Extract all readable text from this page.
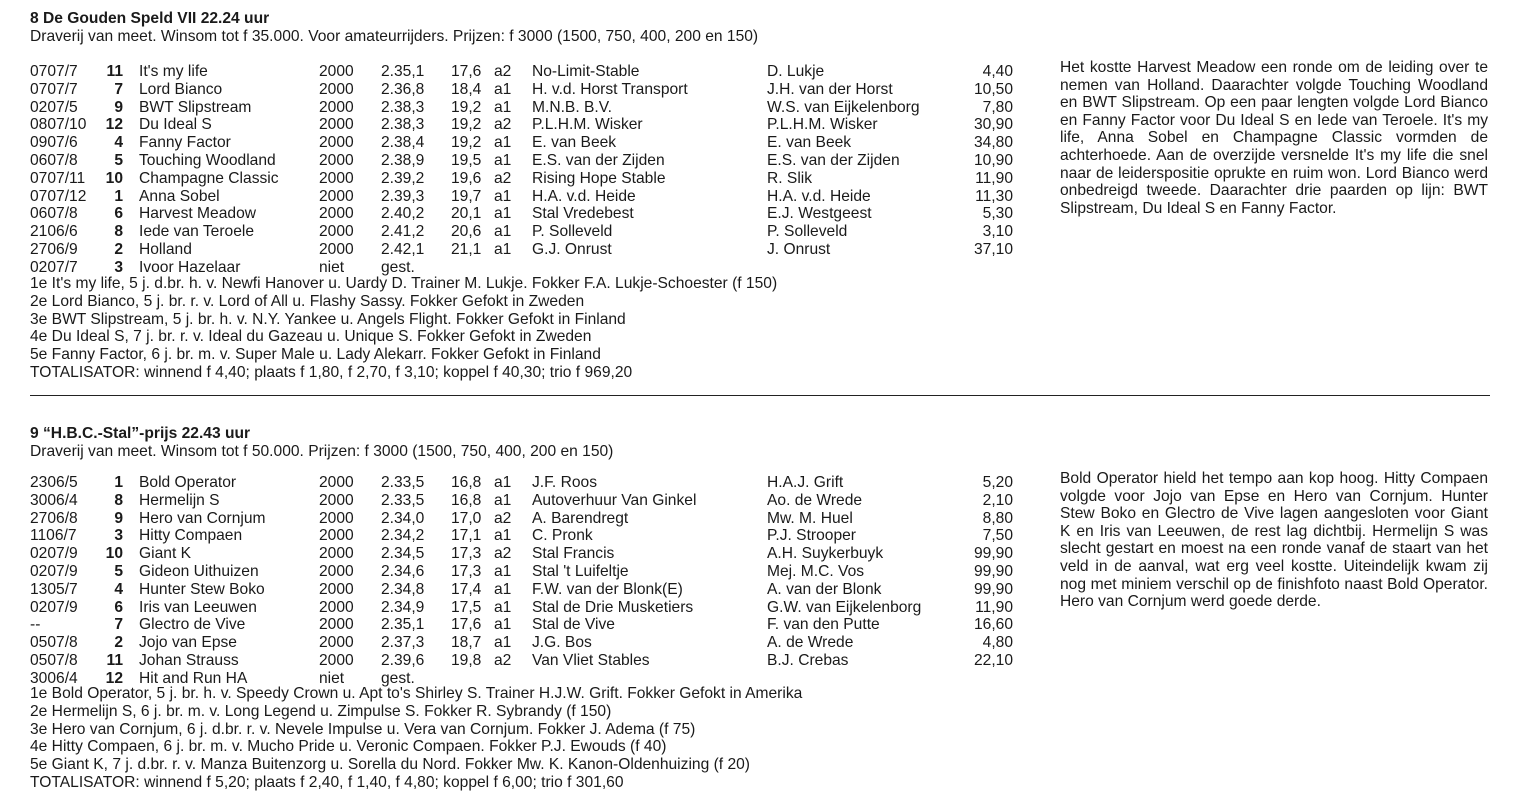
8 De Gouden Speld VII 22.24 uur
Draverij van meet. Winsom tot f 35.000. Voor amateurrijders. Prijzen: f 3000 (1500, 750, 400, 200 en 150)
Het kostte Harvest Meadow een ronde om de leiding over te nemen van Holland. Daarachter volgde Touching Woodland en BWT Slipstream. Op een paar lengten volgde Lord Bianco en Fanny Factor voor Du Ideal S en Iede van Teroele. It's my life, Anna Sobel en Champagne Classic vormden de achterhoede. Aan de overzijde versnelde It's my life die snel naar de leiderspositie oprukte en ruim won. Lord Bianco werd onbedreigd tweede. Daarachter drie paarden op lijn: BWT Slipstream, Du Ideal S en Fanny Factor.
0707/7	11 It's my life	2000 2.35,1 17,6 a2 No-Limit-Stable	D. Lukje	4,40
0707/7	7 Lord Bianco	2000 2.36,8 18,4 a1 H. v.d. Horst Transport	J.H. van der Horst	10,50
0207/5	9 BWT Slipstream	2000 2.38,3 19,2 a1 M.N.B. B.V.	W.S. van Eijkelenborg	7,80
0807/10	12 Du Ideal S	2000 2.38,3 19,2 a2 P.L.H.M. Wisker	P.L.H.M. Wisker	30,90
0907/6	4 Fanny Factor	2000 2.38,4 19,2 a1 E. van Beek	E. van Beek	34,80
0607/8	5 Touching Woodland	2000 2.38,9 19,5 a1 E.S. van der Zijden	E.S. van der Zijden	10,90
0707/11	10 Champagne Classic	2000 2.39,2 19,6 a2 Rising Hope Stable	R. Slik	11,90
0707/12	1 Anna Sobel	2000 2.39,3 19,7 a1 H.A. v.d. Heide	H.A. v.d. Heide	11,30
0607/8	6 Harvest Meadow	2000 2.40,2 20,1 a1 Stal Vredebest	E.J. Westgeest	5,30
2106/6	8 Iede van Teroele	2000 2.41,2 20,6 a1 P. Solleveld	P. Solleveld	3,10
2706/9	2 Holland	2000 2.42,1 21,1 a1 G.J. Onrust	J. Onrust	37,10
0207/7	3 Ivoor Hazelaar	niet gest.
1e It's my life, 5 j. d.br. h. v. Newfi Hanover u. Uardy D. Trainer M. Lukje. Fokker F.A. Lukje-Schoester (f 150)
2e Lord Bianco, 5 j. br. r. v. Lord of All u. Flashy Sassy. Fokker Gefokt in Zweden
3e BWT Slipstream, 5 j. br. h. v. N.Y. Yankee u. Angels Flight. Fokker Gefokt in Finland
4e Du Ideal S, 7 j. br. r. v. Ideal du Gazeau u. Unique S. Fokker Gefokt in Zweden
5e Fanny Factor, 6 j. br. m. v. Super Male u. Lady Alekarr. Fokker Gefokt in Finland
TOTALISATOR: winnend f 4,40; plaats f 1,80, f 2,70, f 3,10; koppel f 40,30; trio f 969,20
9 “H.B.C.-Stal”-prijs 22.43 uur
Draverij van meet. Winsom tot f 50.000. Prijzen: f 3000 (1500, 750, 400, 200 en 150)
Bold Operator hield het tempo aan kop hoog. Hitty Compaen volgde voor Jojo van Epse en Hero van Cornjum. Hunter Stew Boko en Glectro de Vive lagen aangesloten voor Giant K en Iris van Leeuwen, de rest lag dichtbij. Hermelijn S was slecht gestart en moest na een ronde vanaf de staart van het veld in de aanval, wat erg veel kostte. Uiteindelijk kwam zij nog met miniem verschil op de finishfoto naast Bold Operator. Hero van Cornjum werd goede derde.
2306/5	1 Bold Operator	2000 2.33,5 16,8 a1 J.F. Roos	H.A.J. Grift	5,20
3006/4	8 Hermelijn S	2000 2.33,5 16,8 a1 Autoverhuur Van Ginkel	Ao. de Wrede	2,10
2706/8	9 Hero van Cornjum	2000 2.34,0 17,0 a2 A. Barendregt	Mw. M. Huel	8,80
1106/7	3 Hitty Compaen	2000 2.34,2 17,1 a1 C. Pronk	P.J. Strooper	7,50
0207/9	10 Giant K	2000 2.34,5 17,3 a2 Stal Francis	A.H. Suykerbuyk	99,90
0207/9	5 Gideon Uithuizen	2000 2.34,6 17,3 a1 Stal 't Luifeltje	Mej. M.C. Vos	99,90
1305/7	4 Hunter Stew Boko	2000 2.34,8 17,4 a1 F.W. van der Blonk(E)	A. van der Blonk	99,90
0207/9	6 Iris van Leeuwen	2000 2.34,9 17,5 a1 Stal de Drie Musketiers	G.W. van Eijkelenborg	11,90
--	7 Glectro de Vive	2000 2.35,1 17,6 a1 Stal de Vive	F. van den Putte	16,60
0507/8	2 Jojo van Epse	2000 2.37,3 18,7 a1 J.G. Bos	A. de Wrede	4,80
0507/8	11 Johan Strauss	2000 2.39,6 19,8 a2 Van Vliet Stables	B.J. Crebas	22,10
3006/4	12 Hit and Run HA	niet gest.
1e Bold Operator, 5 j. br. h. v. Speedy Crown u. Apt to's Shirley S. Trainer H.J.W. Grift. Fokker Gefokt in Amerika
2e Hermelijn S, 6 j. br. m. v. Long Legend u. Zimpulse S. Fokker R. Sybrandy (f 150)
3e Hero van Cornjum, 6 j. d.br. r. v. Nevele Impulse u. Vera van Cornjum. Fokker J. Adema (f 75)
4e Hitty Compaen, 6 j. br. m. v. Mucho Pride u. Veronic Compaen. Fokker P.J. Ewouds (f 40)
5e Giant K, 7 j. d.br. r. v. Manza Buitenzorg u. Sorella du Nord. Fokker Mw. K. Kanon-Oldenhuizing (f 20)
TOTALISATOR: winnend f 5,20; plaats f 2,40, f 1,40, f 4,80; koppel f 6,00; trio f 301,60
